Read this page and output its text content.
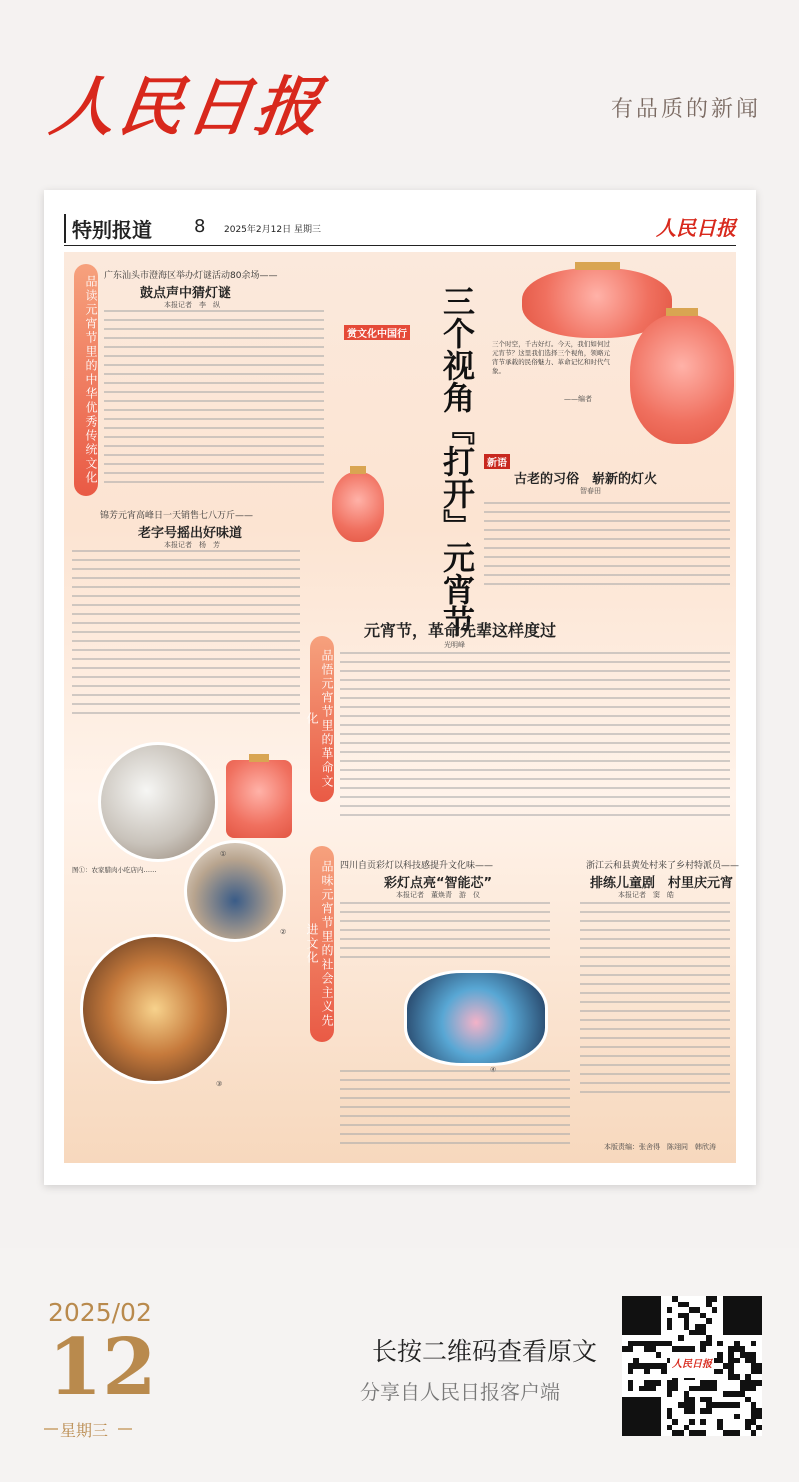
人民日报	有品质的新闻
特别报道 8 2025年2月12日 星期三	人民日报
品读元宵节里的中华优秀传统文化
品悟元宵节里的革命文化
品味元宵节里的社会主义先进文化
赏文化中国行
广东汕头市澄海区举办灯谜活动80余场——
鼓点声中猜灯谜
本报记者　李　纵
锦芳元宵高峰日一天销售七八万斤——
老字号摇出好味道
本报记者　杨　芳	三个视角『打开』元宵节 三个时空，千古好灯。今天，我们如何过元宵节？这里我们选择三个视角，领略元宵节承载的民俗魅力、革命记忆和时代气象。
——编者
新语
古老的习俗　崭新的灯火
智春田
元宵节，革命先辈这样度过
光明峰
①
②
③
图①：农家腊肉小吃店内……	四川自贡彩灯以科技感提升文化味——
彩灯点亮“智能芯”
本报记者　董焕青　游　仪
浙江云和县黄处村来了乡村特派员——
排练儿童剧　村里庆元宵
本报记者　窦　皓
本版责编：张舍得　陈翊同　韩欣涛
2025/02
12
星期三
长按二维码查看原文
分享自人民日报客户端
人民日报
